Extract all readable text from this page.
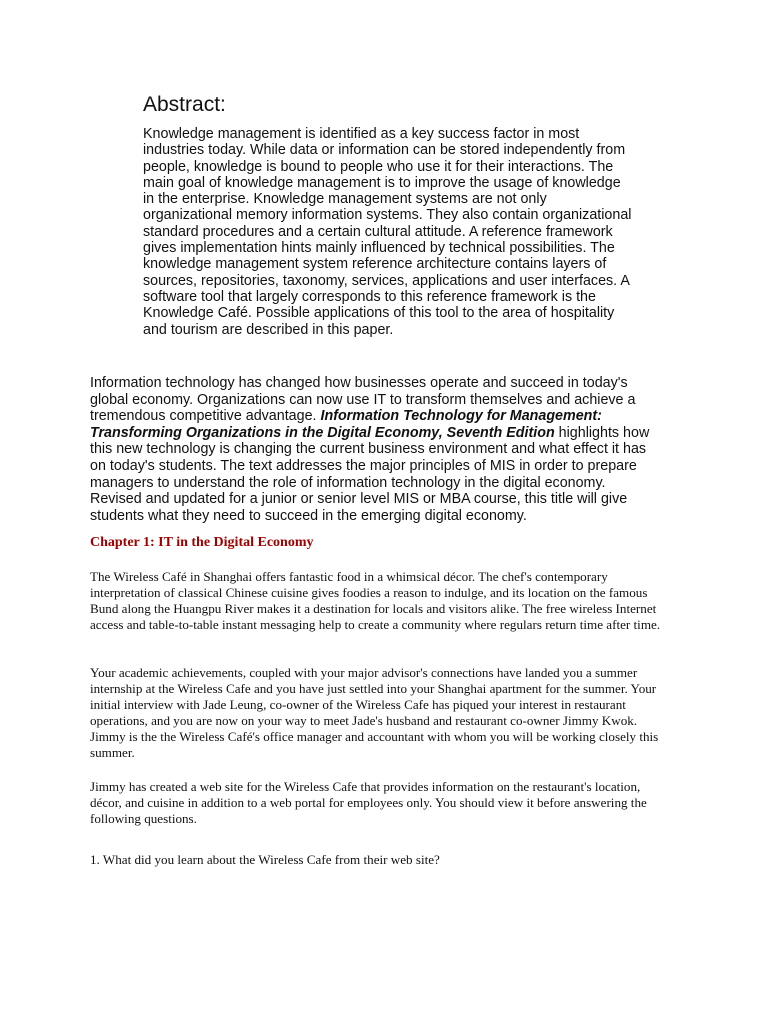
Abstract:

Knowledge management is identified as a key success factor in most industries today. While data or information can be stored independently from people, knowledge is bound to people who use it for their interactions. The main goal of knowledge management is to improve the usage of knowledge in the enterprise. Knowledge management systems are not only organizational memory information systems. They also contain organizational standard procedures and a certain cultural attitude. A reference framework gives implementation hints mainly influenced by technical possibilities. The knowledge management system reference architecture contains layers of sources, repositories, taxonomy, services, applications and user interfaces. A software tool that largely corresponds to this reference framework is the Knowledge Café. Possible applications of this tool to the area of hospitality and tourism are described in this paper.

Information technology has changed how businesses operate and succeed in today's global economy. Organizations can now use IT to transform themselves and achieve a tremendous competitive advantage. Information Technology for Management: Transforming Organizations in the Digital Economy, Seventh Edition highlights how this new technology is changing the current business environment and what effect it has on today's students. The text addresses the major principles of MIS in order to prepare managers to understand the role of information technology in the digital economy. Revised and updated for a junior or senior level MIS or MBA course, this title will give students what they need to succeed in the emerging digital economy.

Chapter 1: IT in the Digital Economy

The Wireless Café in Shanghai offers fantastic food in a whimsical décor. The chef's contemporary interpretation of classical Chinese cuisine gives foodies a reason to indulge, and its location on the famous Bund along the Huangpu River makes it a destination for locals and visitors alike. The free wireless Internet access and table-to-table instant messaging help to create a community where regulars return time after time.

Your academic achievements, coupled with your major advisor's connections have landed you a summer internship at the Wireless Cafe and you have just settled into your Shanghai apartment for the summer. Your initial interview with Jade Leung, co-owner of the Wireless Cafe has piqued your interest in restaurant operations, and you are now on your way to meet Jade's husband and restaurant co-owner Jimmy Kwok. Jimmy is the the Wireless Café's office manager and accountant with whom you will be working closely this summer.

Jimmy has created a web site for the Wireless Cafe that provides information on the restaurant's location, décor, and cuisine in addition to a web portal for employees only. You should view it before answering the following questions.

1. What did you learn about the Wireless Cafe from their web site?
